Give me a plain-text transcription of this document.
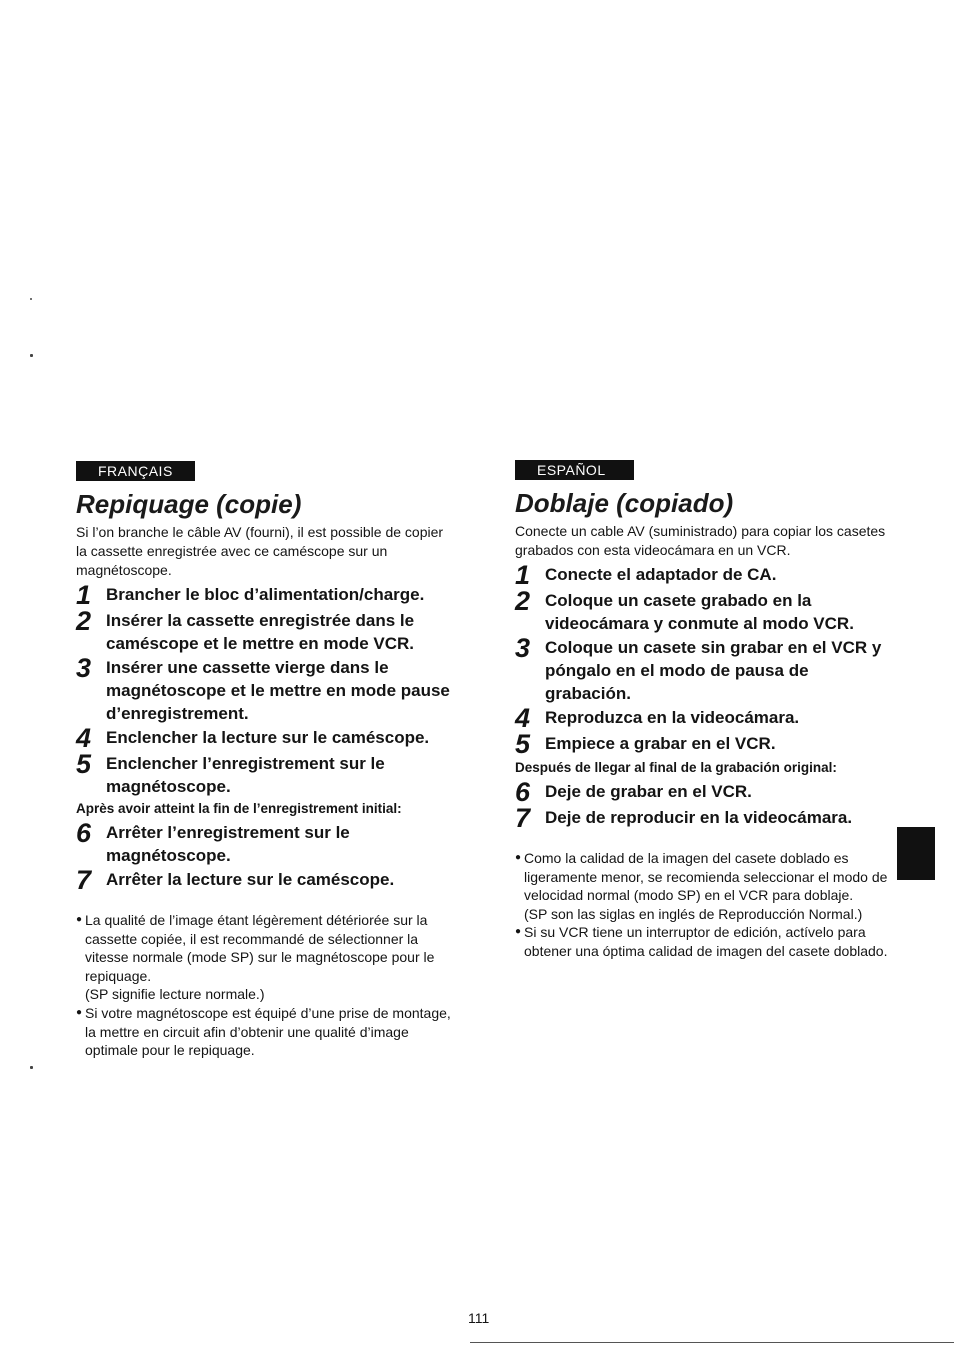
FRANÇAIS
Repiquage (copie)

Si l’on branche le câble AV (fourni), il est possible de copier la cassette enregistrée avec ce caméscope sur un magnétoscope.

1 Brancher le bloc d’alimentation/charge.
2 Insérer la cassette enregistrée dans le caméscope et le mettre en mode VCR.
3 Insérer une cassette vierge dans le magnétoscope et le mettre en mode pause d’enregistrement.
4 Enclencher la lecture sur le caméscope.
5 Enclencher l’enregistrement sur le magnétoscope.
Après avoir atteint la fin de l’enregistrement initial:
6 Arrêter l’enregistrement sur le magnétoscope.
7 Arrêter la lecture sur le caméscope.
● La qualité de l’image étant légèrement détériorée sur la cassette copiée, il est recommandé de sélectionner la vitesse normale (mode SP) sur le magnétoscope pour le repiquage.
(SP signifie lecture normale.)
● Si votre magnétoscope est équipé d’une prise de montage, la mettre en circuit afin d’obtenir une qualité d’image optimale pour le repiquage.
ESPAÑOL
Doblaje (copiado)

Conecte un cable AV (suministrado) para copiar los casetes grabados con esta videocámara en un VCR.

1 Conecte el adaptador de CA.
2 Coloque un casete grabado en la videocámara y conmute al modo VCR.
3 Coloque un casete sin grabar en el VCR y póngalo en el modo de pausa de grabación.
4 Reproduzca en la videocámara.
5 Empiece a grabar en el VCR.
Después de llegar al final de la grabación original:
6 Deje de grabar en el VCR.
7 Deje de reproducir en la videocámara.
● Como la calidad de la imagen del casete doblado es ligeramente menor, se recomienda seleccionar el modo de velocidad normal (modo SP) en el VCR para doblaje.
(SP son las siglas en inglés de Reproducción Normal.)
● Si su VCR tiene un interruptor de edición, actívelo para obtener una óptima calidad de imagen del casete doblado.
111
